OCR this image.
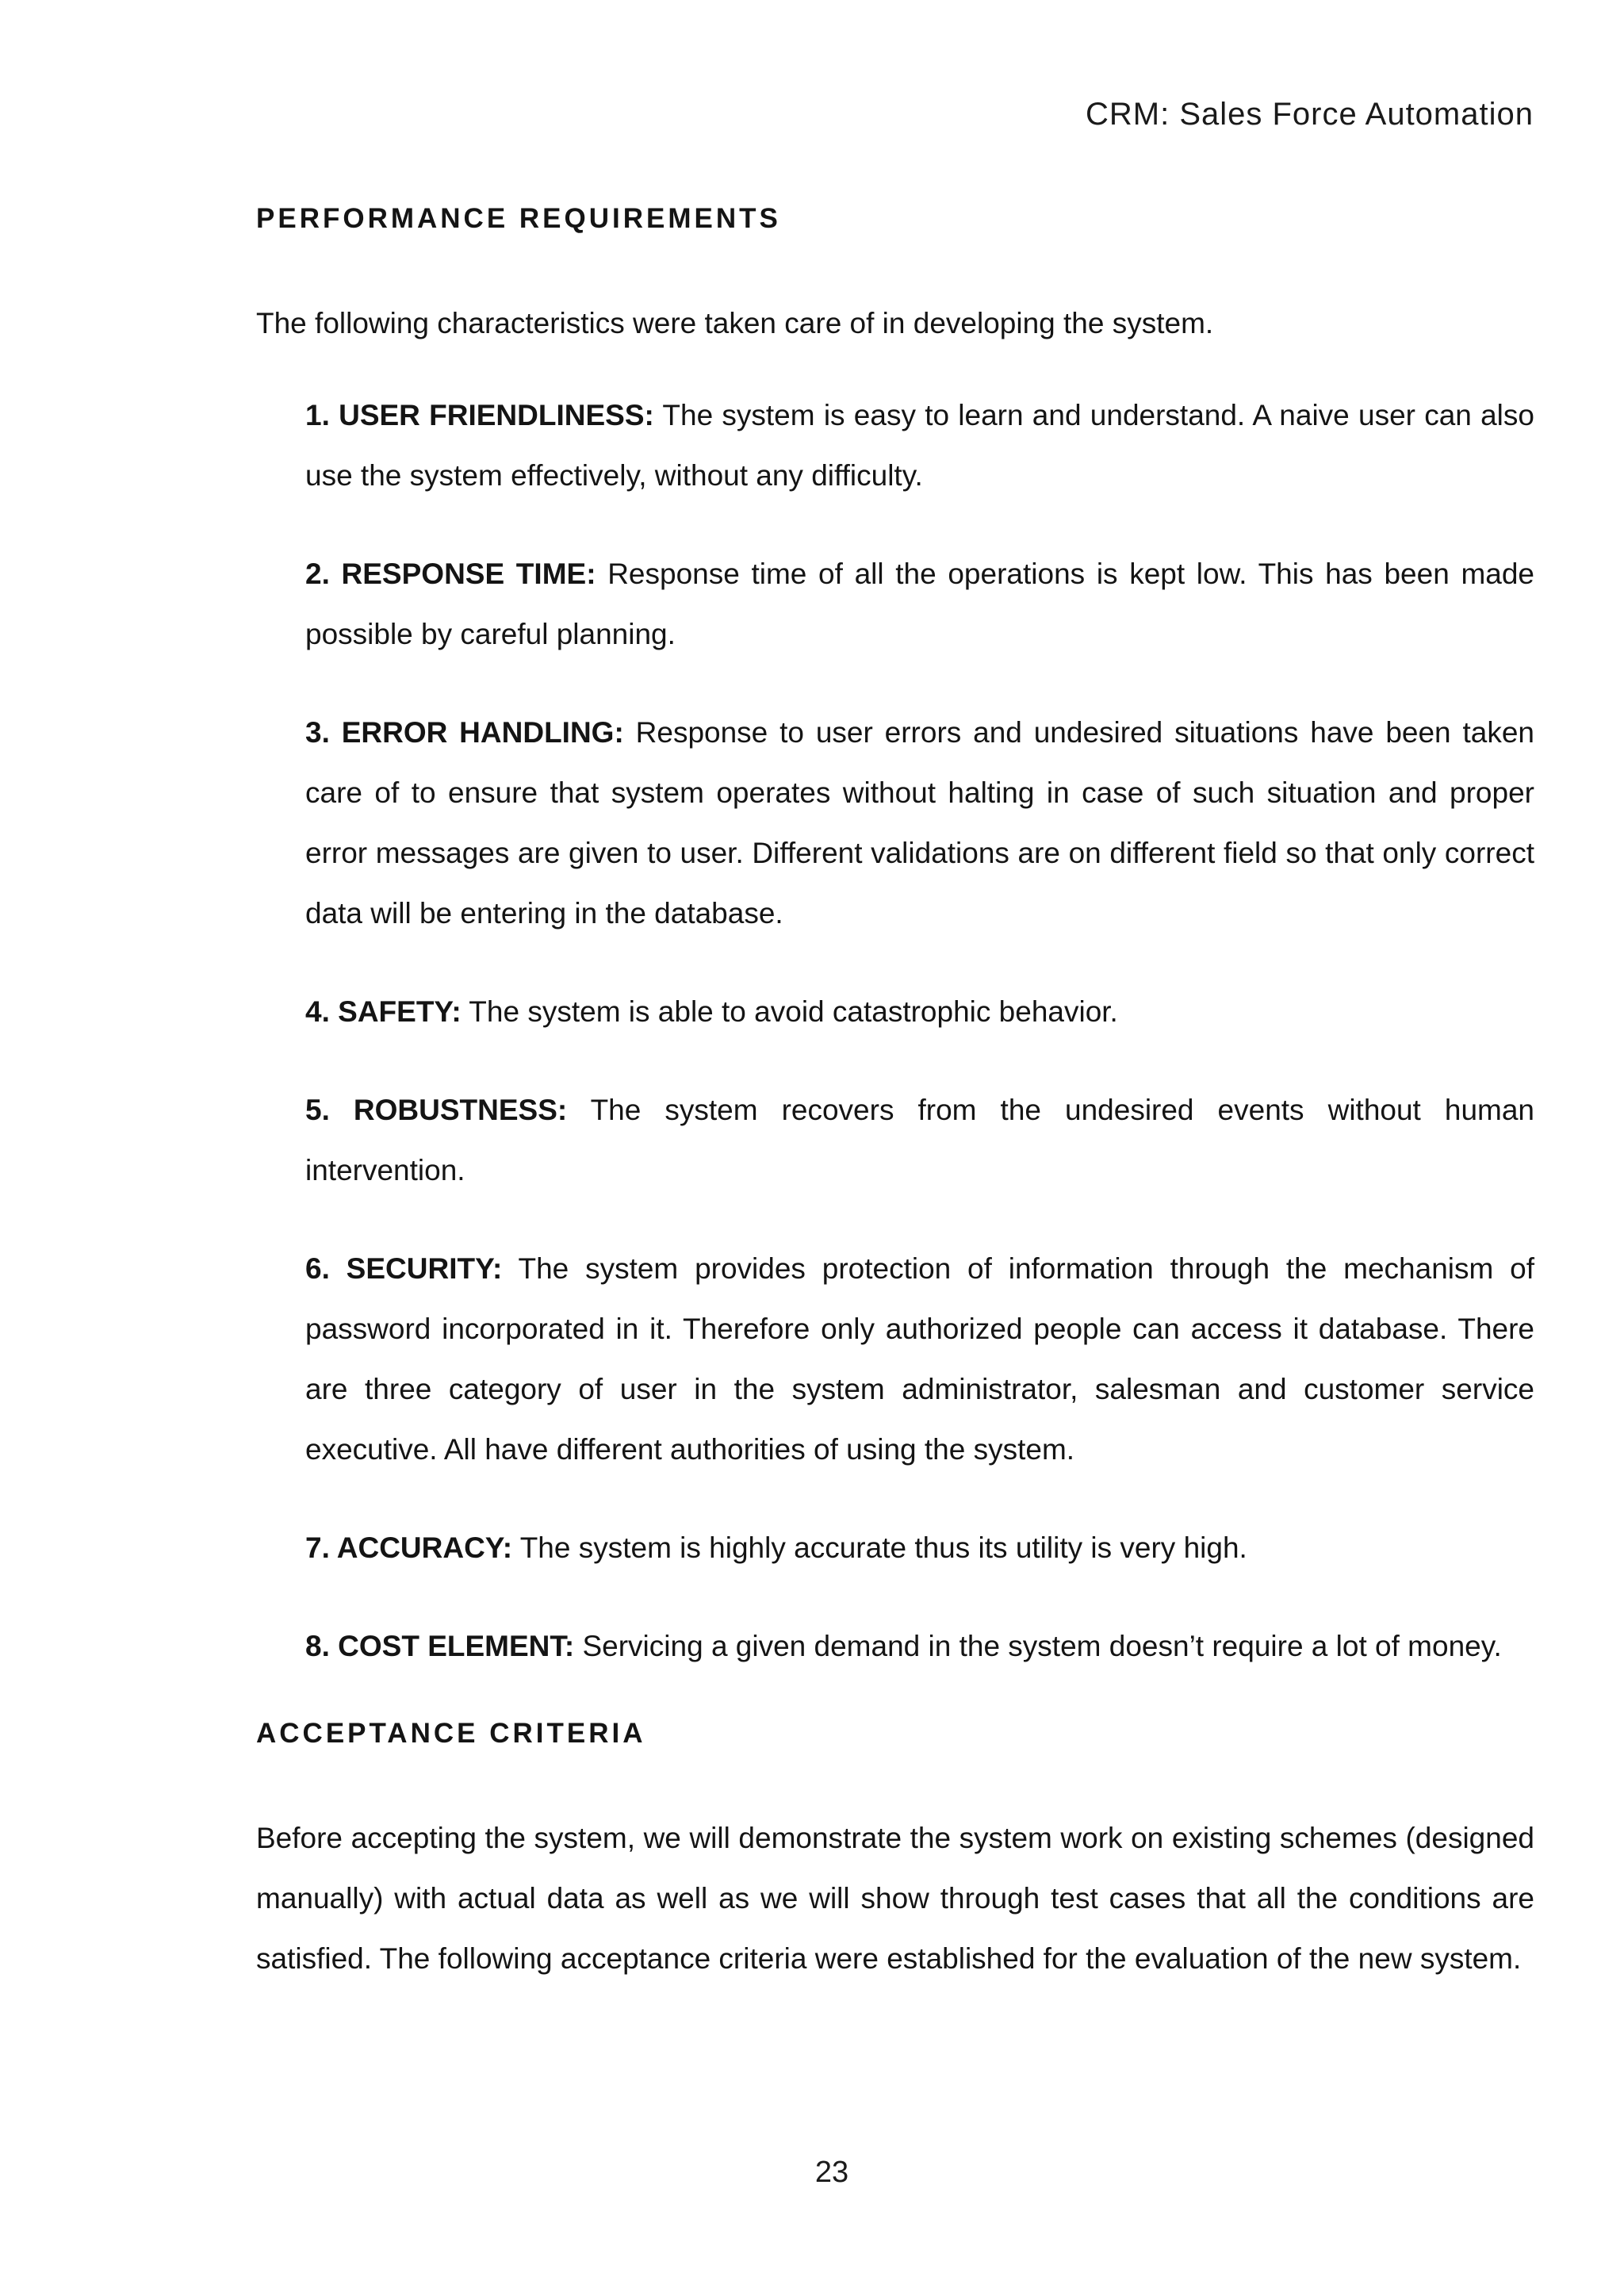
CRM: Sales Force Automation
PERFORMANCE REQUIREMENTS

The following characteristics were taken care of in developing the system.

1. USER FRIENDLINESS: The system is easy to learn and understand. A naive user can also use the system effectively, without any difficulty.
2. RESPONSE TIME: Response time of all the operations is kept low. This has been made possible by careful planning.
3. ERROR HANDLING: Response to user errors and undesired situations have been taken care of to ensure that system operates without halting in case of such situation and proper error messages are given to user. Different validations are on different field so that only correct data will be entering in the database.
4. SAFETY: The system is able to avoid catastrophic behavior.
5. ROBUSTNESS: The system recovers from the undesired events without human intervention.
6. SECURITY: The system provides protection of information through the mechanism of password incorporated in it. Therefore only authorized people can access it database. There are three category of user in the system administrator, salesman and customer service executive. All have different authorities of using the system.
7. ACCURACY: The system is highly accurate thus its utility is very high.
8. COST ELEMENT: Servicing a given demand in the system doesn’t require a lot of money.
ACCEPTANCE CRITERIA

Before accepting the system, we will demonstrate the system work on existing schemes (designed manually) with actual data as well as we will show through test cases that all the conditions are satisfied. The following acceptance criteria were established for the evaluation of the new system.

23
